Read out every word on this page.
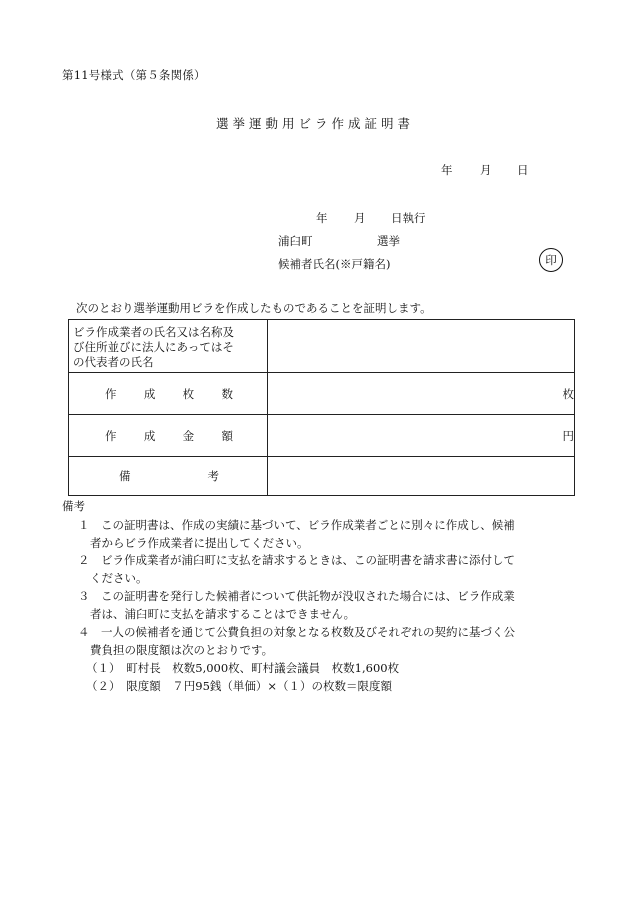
第11号様式（第５条関係）
選挙運動用ビラ作成証明書
年 月 日
年 月 日執行
浦臼町	選挙
候補者氏名(※戸籍名)	印
次のとおり選挙運動用ビラを作成したものであることを証明します。
ビラ作成業者の氏名又は名称及
び住所並びに法人にあってはそ
の代表者の氏名	

作 成 枚 数	枚

作 成 金 額	円

備 考	

備考
１　この証明書は、作成の実績に基づいて、ビラ作成業者ごとに別々に作成し、候補
者からビラ作成業者に提出してください。
２　ビラ作成業者が浦臼町に支払を請求するときは、この証明書を請求書に添付して
ください。
３　この証明書を発行した候補者について供託物が没収された場合には、ビラ作成業
者は、浦臼町に支払を請求することはできません。
４　一人の候補者を通じて公費負担の対象となる枚数及びそれぞれの契約に基づく公
費負担の限度額は次のとおりです。
（１）　町村長　枚数5,000枚、町村議会議員　枚数1,600枚
（２）　限度額　７円95銭（単価）×（１）の枚数＝限度額
